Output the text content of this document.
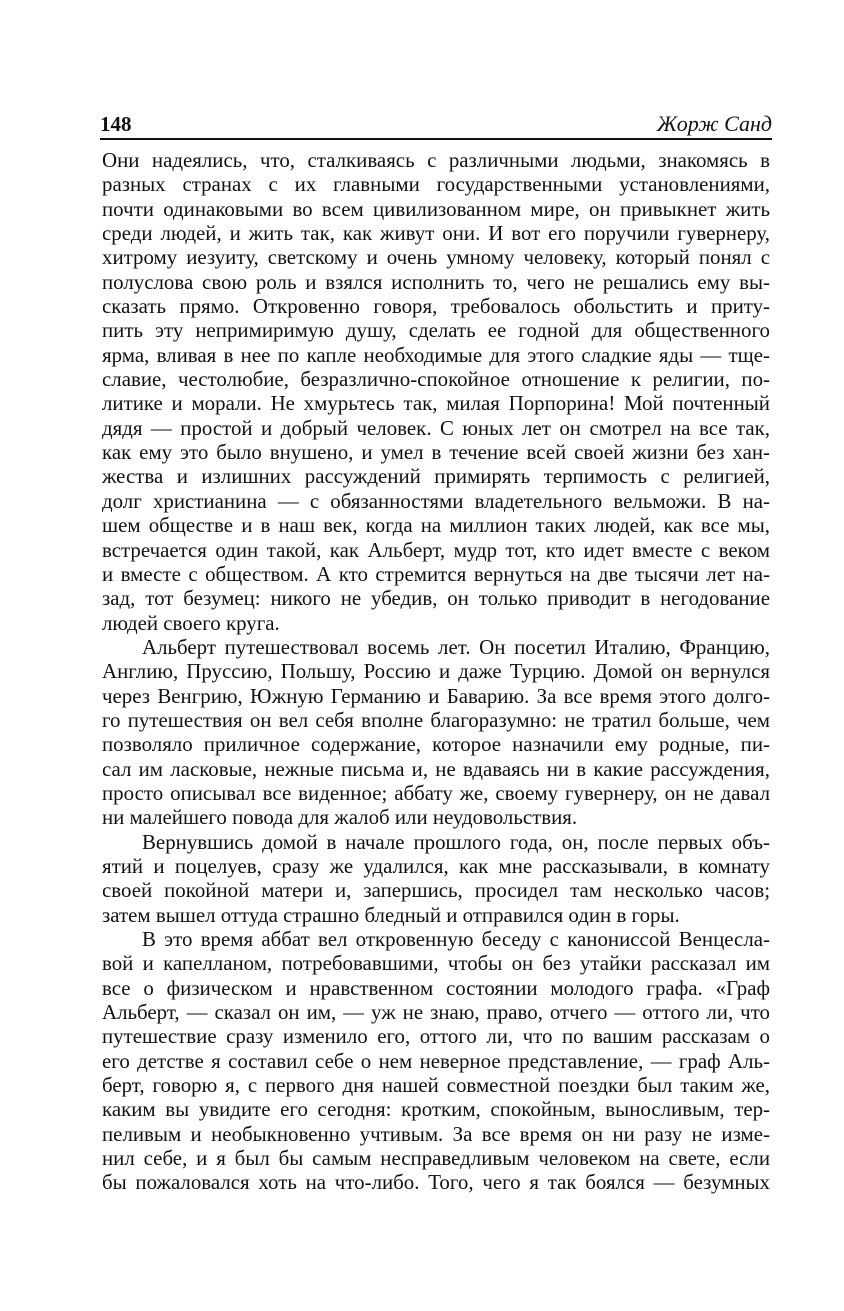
148	Жорж Санд
Они надеялись, что, сталкиваясь с различными людьми, знакомясь в
разных странах с их главными государственными установлениями,
почти одинаковыми во всем цивилизованном мире, он привыкнет жить
среди людей, и жить так, как живут они. И вот его поручили гувернеру,
хитрому иезуиту, светскому и очень умному человеку, который понял с
полуслова свою роль и взялся исполнить то, чего не решались ему вы-
сказать прямо. Откровенно говоря, требовалось обольстить и приту-
пить эту непримиримую душу, сделать ее годной для общественного
ярма, вливая в нее по капле необходимые для этого сладкие яды — тще-
славие, честолюбие, безразлично-спокойное отношение к религии, по-
литике и морали. Не хмурьтесь так, милая Порпорина! Мой почтенный
дядя — простой и добрый человек. С юных лет он смотрел на все так,
как ему это было внушено, и умел в течение всей своей жизни без хан-
жества и излишних рассуждений примирять терпимость с религией,
долг христианина — с обязанностями владетельного вельможи. В на-
шем обществе и в наш век, когда на миллион таких людей, как все мы,
встречается один такой, как Альберт, мудр тот, кто идет вместе с веком
и вместе с обществом. А кто стремится вернуться на две тысячи лет на-
зад, тот безумец: никого не убедив, он только приводит в негодование
людей своего круга.
Альберт путешествовал восемь лет. Он посетил Италию, Францию,
Англию, Пруссию, Польшу, Россию и даже Турцию. Домой он вернулся
через Венгрию, Южную Германию и Баварию. За все время этого долго-
го путешествия он вел себя вполне благоразумно: не тратил больше, чем
позволяло приличное содержание, которое назначили ему родные, пи-
сал им ласковые, нежные письма и, не вдаваясь ни в какие рассуждения,
просто описывал все виденное; аббату же, своему гувернеру, он не давал
ни малейшего повода для жалоб или неудовольствия.
Вернувшись домой в начале прошлого года, он, после первых объ-
ятий и поцелуев, сразу же удалился, как мне рассказывали, в комнату
своей покойной матери и, запершись, просидел там несколько часов;
затем вышел оттуда страшно бледный и отправился один в горы.
В это время аббат вел откровенную беседу с канониссой Венцесла-
вой и капелланом, потребовавшими, чтобы он без утайки рассказал им
все о физическом и нравственном состоянии молодого графа. «Граф
Альберт, — сказал он им, — уж не знаю, право, отчего — оттого ли, что
путешествие сразу изменило его, оттого ли, что по вашим рассказам о
его детстве я составил себе о нем неверное представление, — граф Аль-
берт, говорю я, с первого дня нашей совместной поездки был таким же,
каким вы увидите его сегодня: кротким, спокойным, выносливым, тер-
пеливым и необыкновенно учтивым. За все время он ни разу не изме-
нил себе, и я был бы самым несправедливым человеком на свете, если
бы пожаловался хоть на что-либо. Того, чего я так боялся — безумных
